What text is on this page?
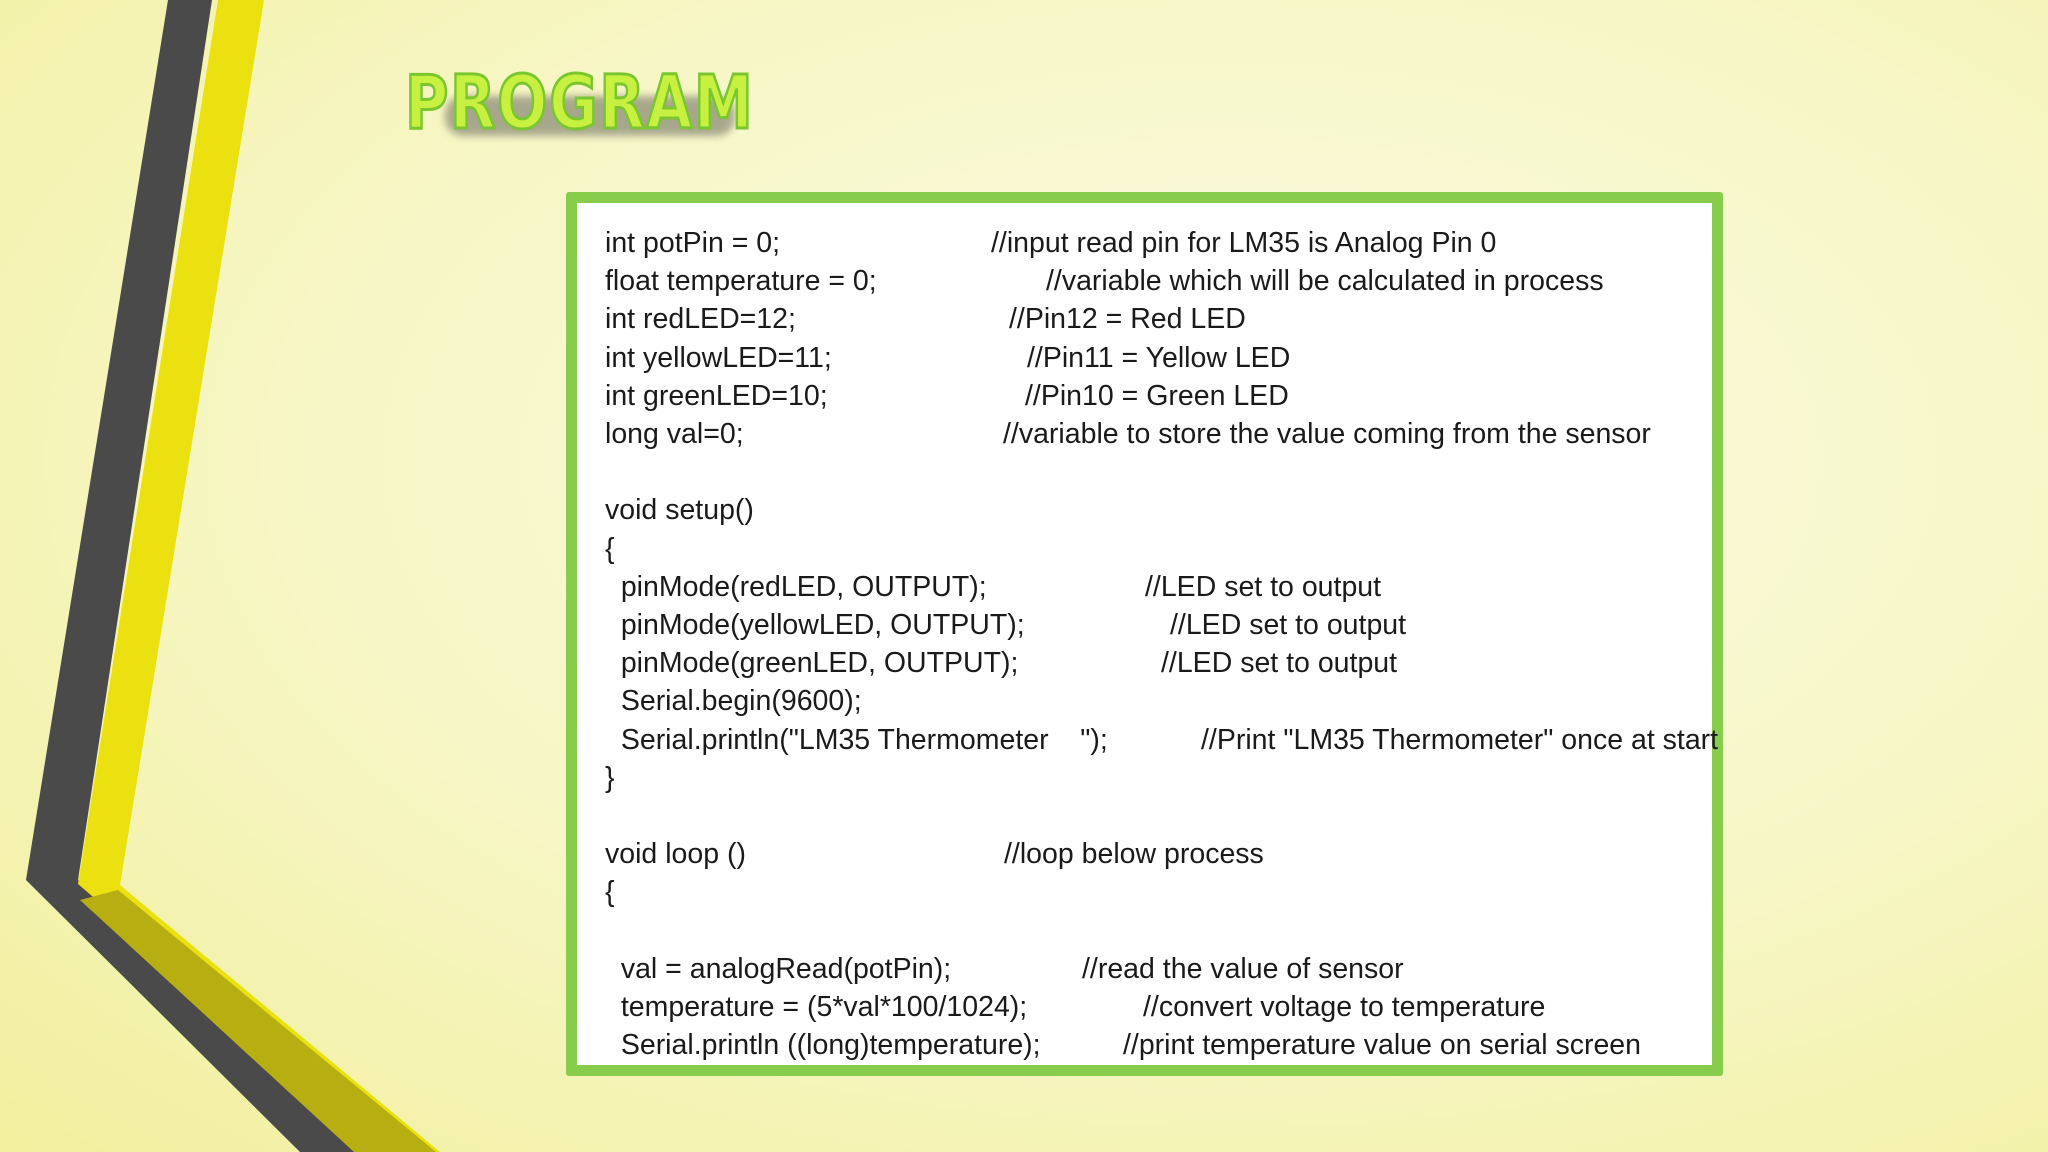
PROGRAM
int potPin = 0;	//input read pin for LM35 is Analog Pin 0
float temperature = 0;	//variable which will be calculated in process
int redLED=12;	//Pin12 = Red LED
int yellowLED=11;	//Pin11 = Yellow LED
int greenLED=10;	//Pin10 = Green LED
long val=0;	//variable to store the value coming from the sensor
void setup()
{
pinMode(redLED, OUTPUT);	//LED set to output
pinMode(yellowLED, OUTPUT);	//LED set to output
pinMode(greenLED, OUTPUT);	//LED set to output
Serial.begin(9600);
Serial.println("LM35 Thermometer    ");	//Print "LM35 Thermometer" once at start
}
void loop ()	//loop below process
{
val = analogRead(potPin);	//read the value of sensor
temperature = (5*val*100/1024);	//convert voltage to temperature
Serial.println ((long)temperature);	//print temperature value on serial screen
